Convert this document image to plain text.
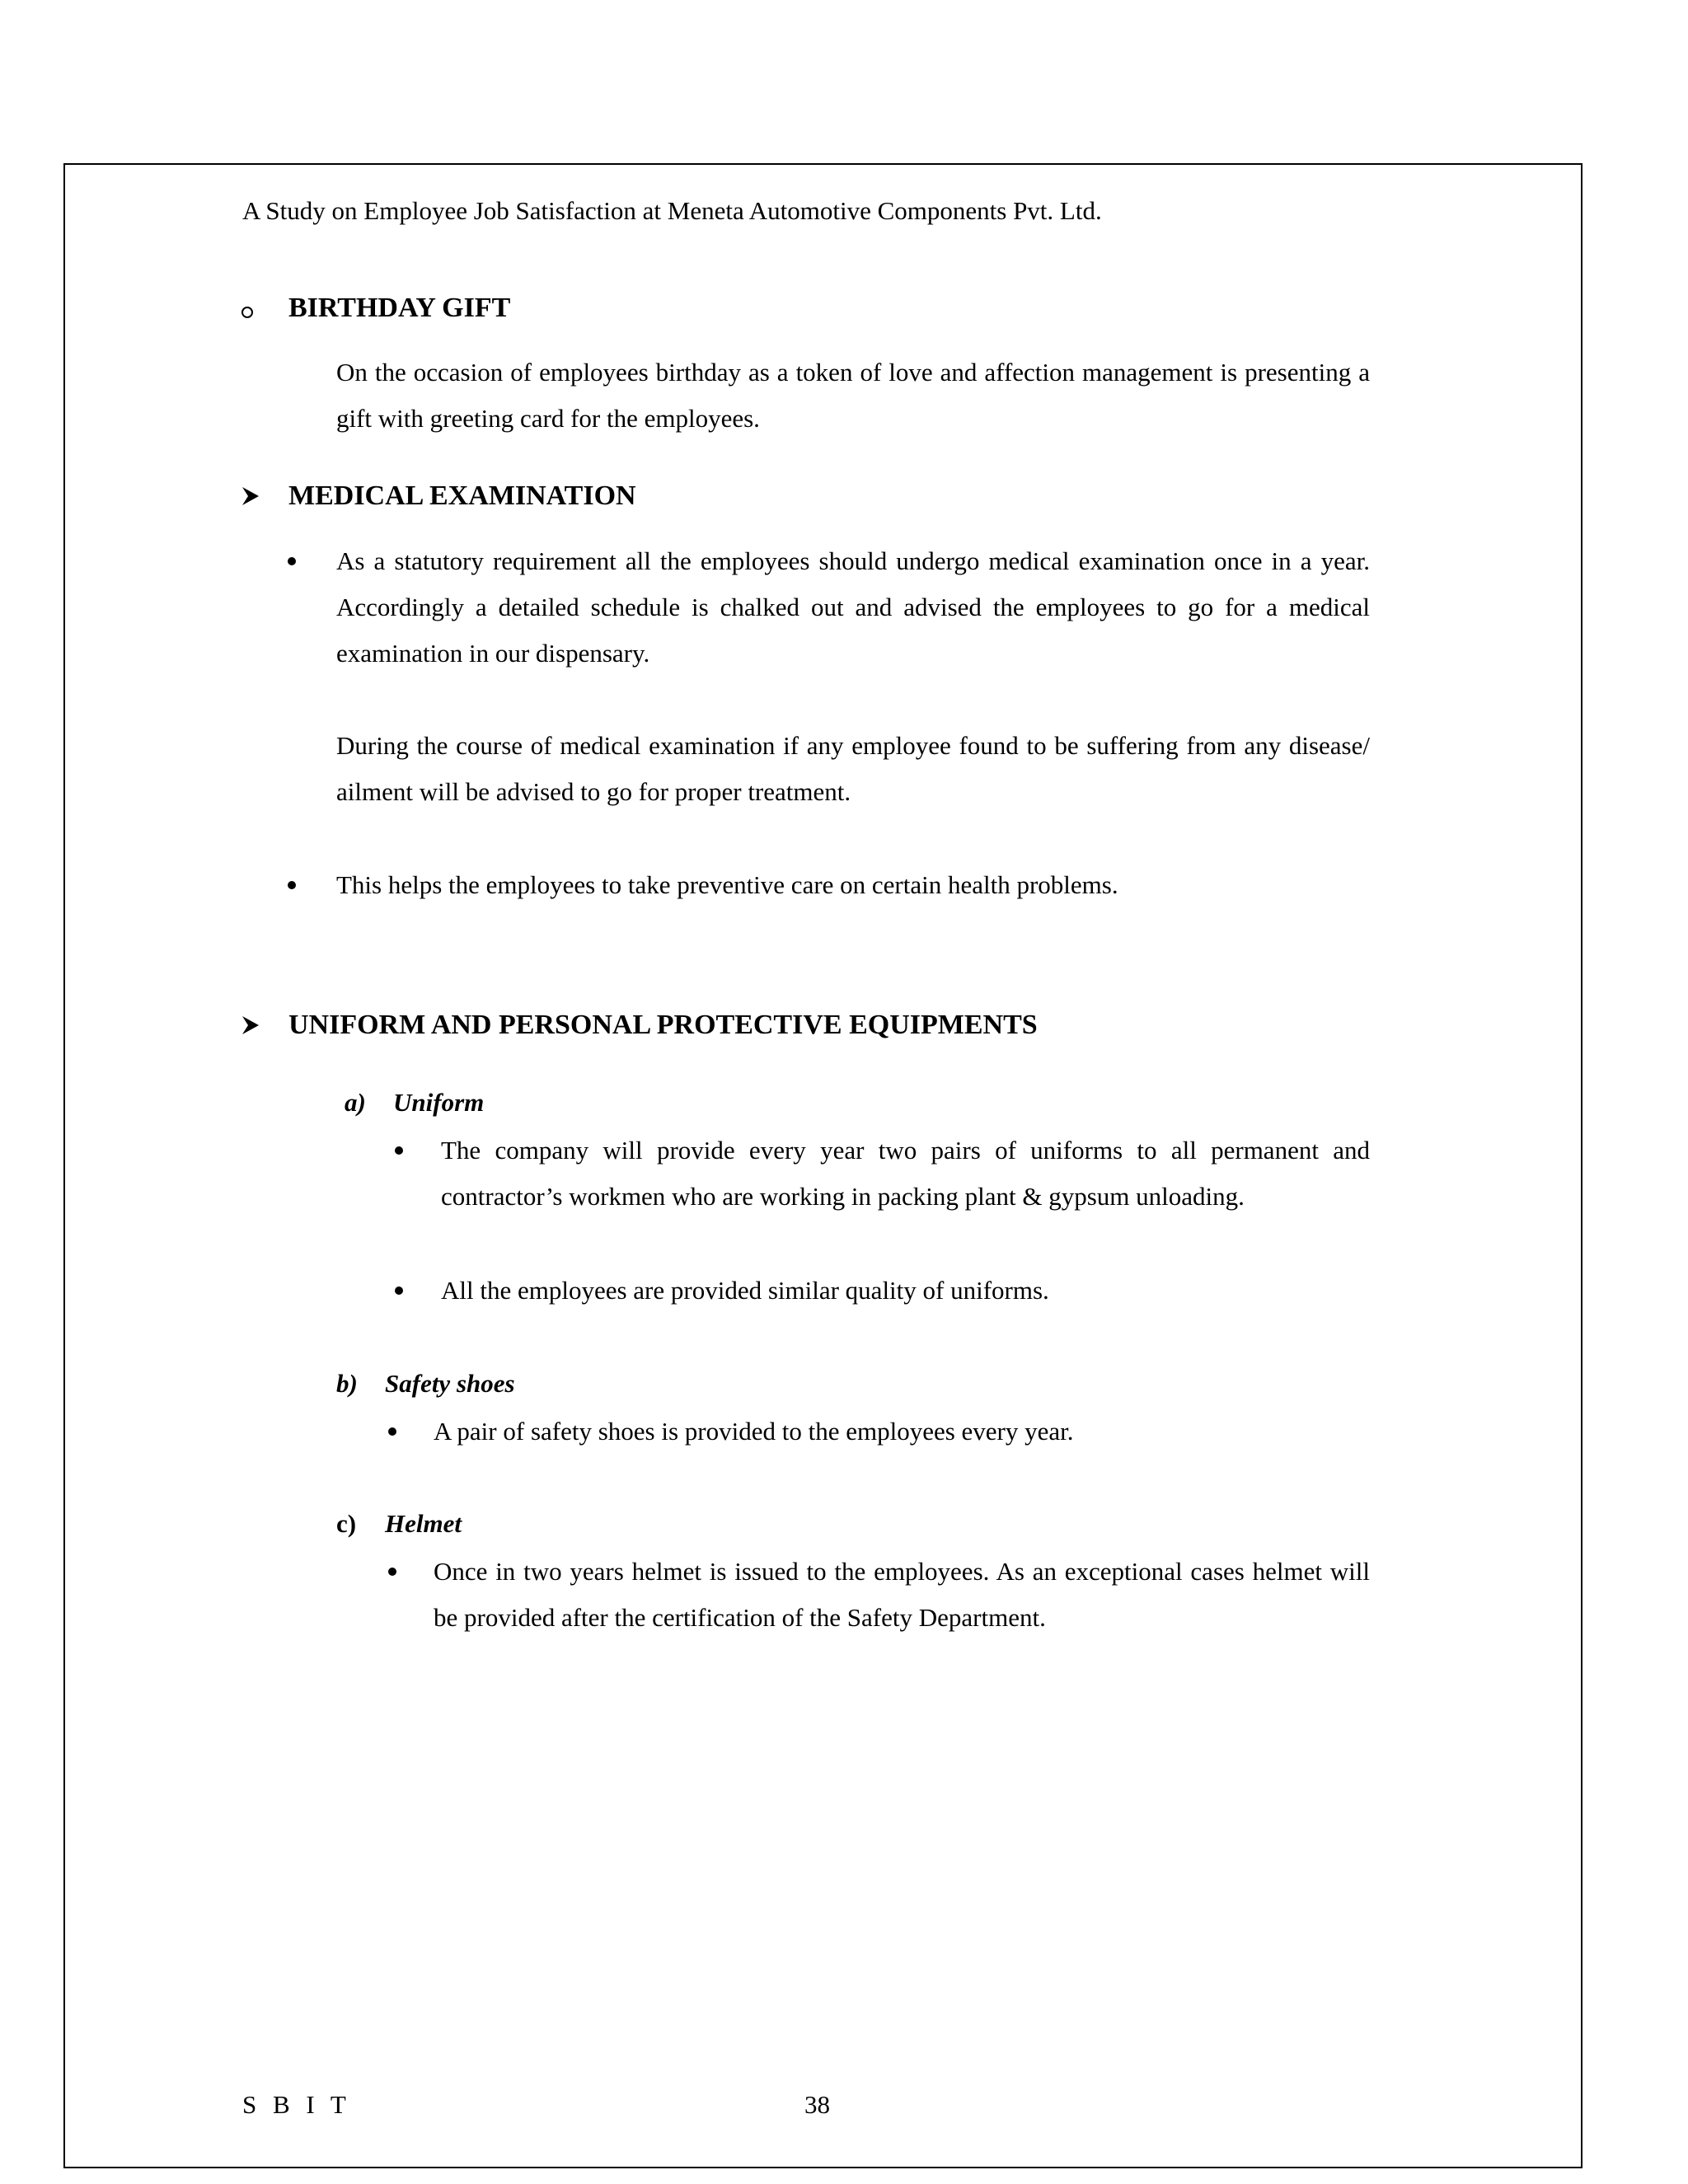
A Study on Employee Job Satisfaction at Meneta Automotive Components Pvt. Ltd.
BIRTHDAY GIFT
On the occasion of employees birthday as a token of love and affection management is presenting a gift with greeting card for the employees.
MEDICAL EXAMINATION
As a statutory requirement all the employees should undergo medical examination once in a year. Accordingly a detailed schedule is chalked out and advised the employees to go for a medical examination in our dispensary.
During the course of medical examination if any employee found to be suffering from any disease/ ailment will be advised to go for proper treatment.
This helps the employees to take preventive care on certain health problems.
UNIFORM AND PERSONAL PROTECTIVE EQUIPMENTS
a) Uniform
The company will provide every year two pairs of uniforms to all permanent and contractor’s workmen who are working in packing plant & gypsum unloading.
All the employees are provided similar quality of uniforms.
b) Safety shoes
A pair of safety shoes is provided to the employees every year.
c) Helmet
Once in two years helmet is issued to the employees. As an exceptional cases helmet will be provided after the certification of the Safety Department.
S B I T	38
